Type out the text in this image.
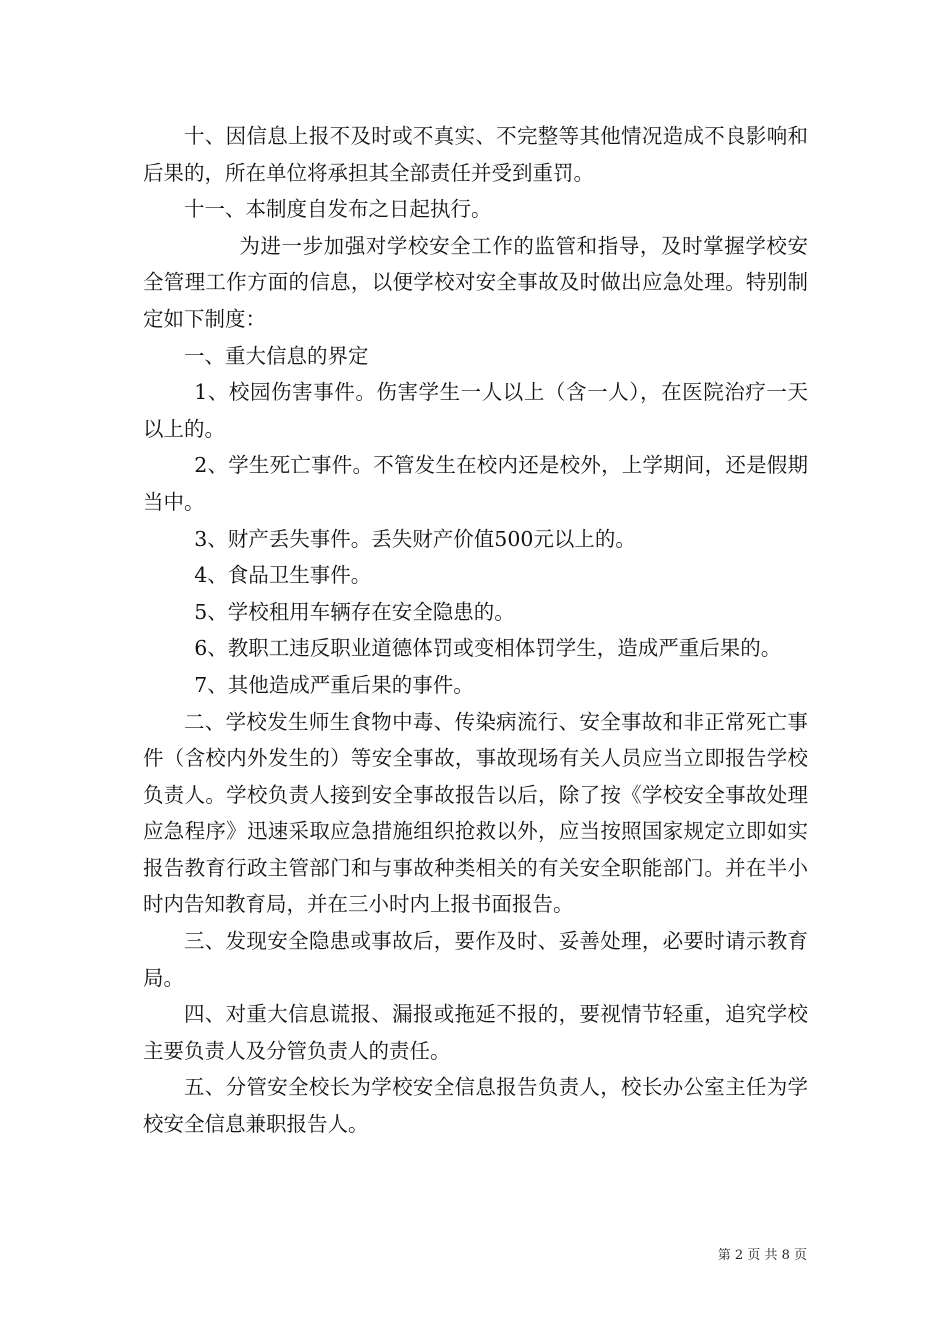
十、因信息上报不及时或不真实、不完整等其他情况造成不良影响和后果的，所在单位将承担其全部责任并受到重罚。

十一、本制度自发布之日起执行。

为进一步加强对学校安全工作的监管和指导，及时掌握学校安全管理工作方面的信息，以便学校对安全事故及时做出应急处理。特别制定如下制度：

一、重大信息的界定

1、校园伤害事件。伤害学生一人以上（含一人），在医院治疗一天以上的。

2、学生死亡事件。不管发生在校内还是校外，上学期间，还是假期当中。

3、财产丢失事件。丢失财产价值500元以上的。

4、食品卫生事件。

5、学校租用车辆存在安全隐患的。

6、教职工违反职业道德体罚或变相体罚学生，造成严重后果的。

7、其他造成严重后果的事件。

二、学校发生师生食物中毒、传染病流行、安全事故和非正常死亡事件（含校内外发生的）等安全事故，事故现场有关人员应当立即报告学校负责人。学校负责人接到安全事故报告以后，除了按《学校安全事故处理应急程序》迅速采取应急措施组织抢救以外，应当按照国家规定立即如实报告教育行政主管部门和与事故种类相关的有关安全职能部门。并在半小时内告知教育局，并在三小时内上报书面报告。

三、发现安全隐患或事故后，要作及时、妥善处理，必要时请示教育局。

四、对重大信息谎报、漏报或拖延不报的，要视情节轻重，追究学校主要负责人及分管负责人的责任。

五、分管安全校长为学校安全信息报告负责人，校长办公室主任为学校安全信息兼职报告人。

第 2 页 共 8 页
